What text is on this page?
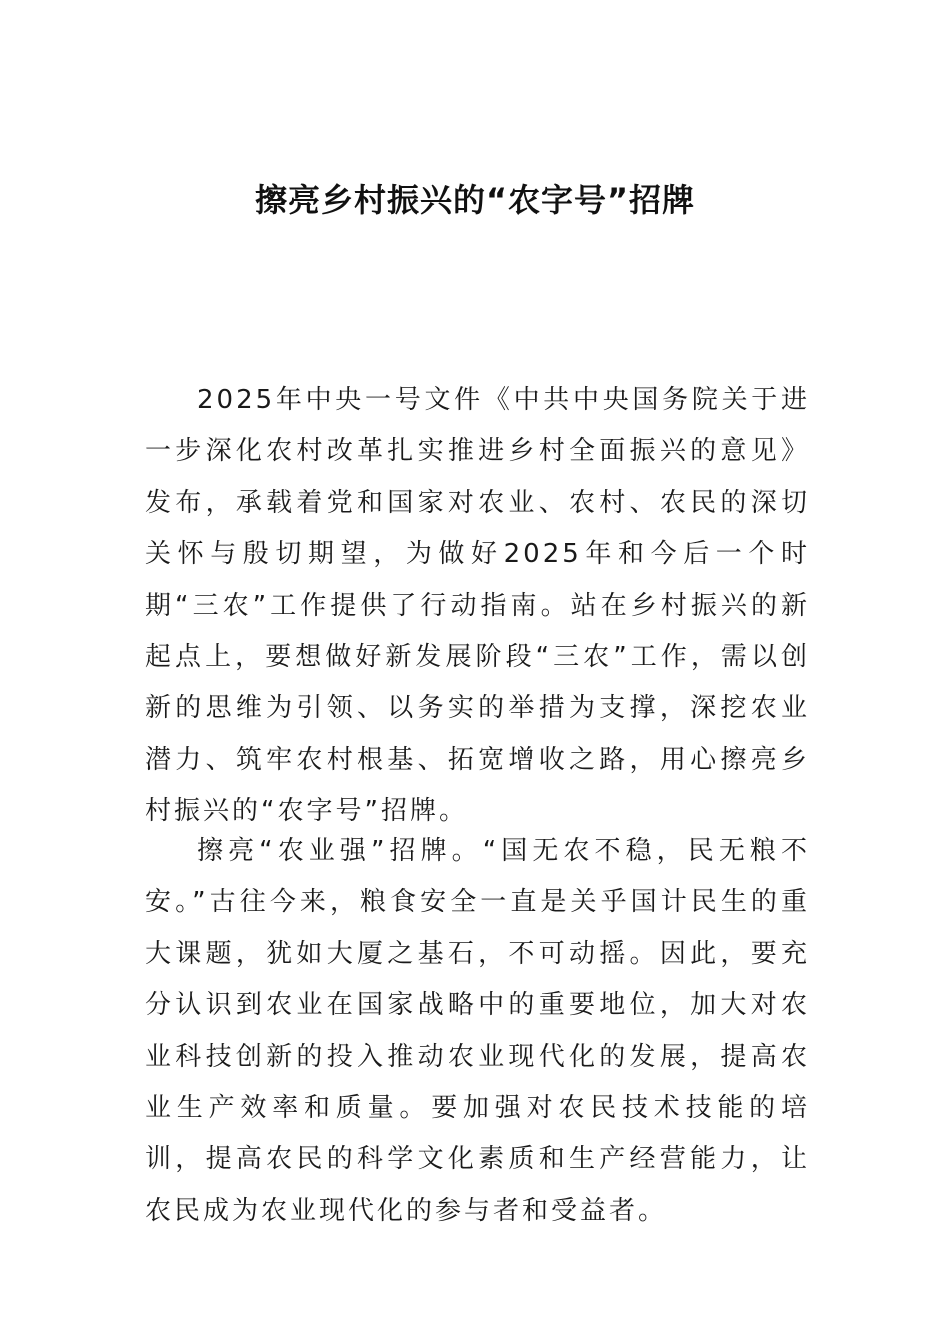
擦亮乡村振兴的“农字号”招牌

2025年中央一号文件《中共中央国务院关于进一步深化农村改革扎实推进乡村全面振兴的意见》发布，承载着党和国家对农业、农村、农民的深切关怀与殷切期望，为做好2025年和今后一个时期“三农”工作提供了行动指南。站在乡村振兴的新起点上，要想做好新发展阶段“三农”工作，需以创新的思维为引领、以务实的举措为支撑，深挖农业潜力、筑牢农村根基、拓宽增收之路，用心擦亮乡村振兴的“农字号”招牌。

擦亮“农业强”招牌。“国无农不稳，民无粮不安。”古往今来，粮食安全一直是关乎国计民生的重大课题，犹如大厦之基石，不可动摇。因此，要充分认识到农业在国家战略中的重要地位，加大对农业科技创新的投入推动农业现代化的发展，提高农业生产效率和质量。要加强对农民技术技能的培训，提高农民的科学文化素质和生产经营能力，让农民成为农业现代化的参与者和受益者。
